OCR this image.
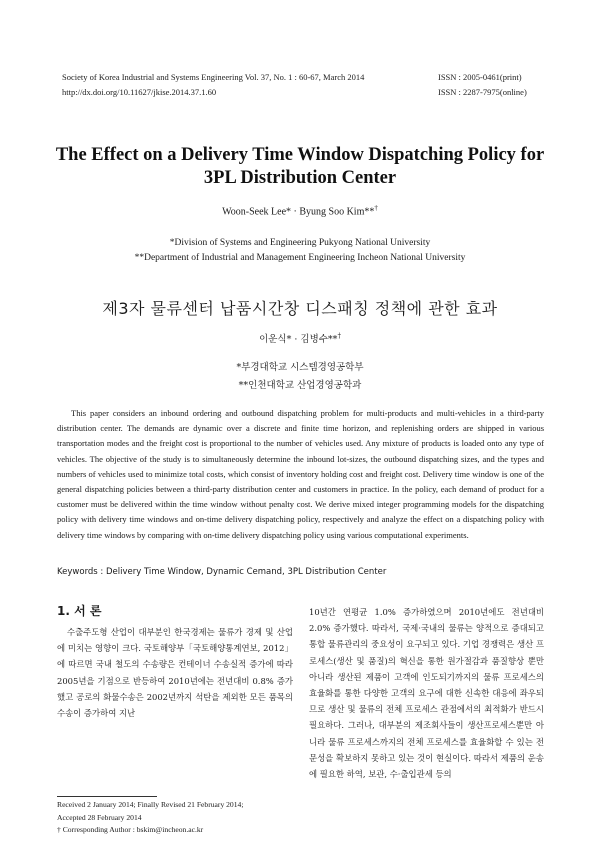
Society of Korea Industrial and Systems Engineering Vol. 37, No. 1 : 60-67, March 2014
http://dx.doi.org/10.11627/jkise.2014.37.1.60
ISSN : 2005-0461(print)
ISSN : 2287-7975(online)
The Effect on a Delivery Time Window Dispatching Policy for
3PL Distribution Center
Woon-Seek Lee* · Byung Soo Kim**†
*Division of Systems and Engineering Pukyong National University
**Department of Industrial and Management Engineering Incheon National University
제3자 물류센터 납품시간창 디스패칭 정책에 관한 효과
이운식* · 김병수**†
*부경대학교 시스템경영공학부
**인천대학교 산업경영공학과
This paper considers an inbound ordering and outbound dispatching problem for multi-products and multi-vehicles in a third-party distribution center. The demands are dynamic over a discrete and finite time horizon, and replenishing orders are shipped in various transportation modes and the freight cost is proportional to the number of vehicles used. Any mixture of products is loaded onto any type of vehicles. The objective of the study is to simultaneously determine the inbound lot-sizes, the outbound dispatching sizes, and the types and numbers of vehicles used to minimize total costs, which consist of inventory holding cost and freight cost. Delivery time window is one of the general dispatching policies between a third-party distribution center and customers in practice. In the policy, each demand of product for a customer must be delivered within the time window without penalty cost. We derive mixed integer programming models for the dispatching policy with delivery time windows and on-time delivery dispatching policy, respectively and analyze the effect on a dispatching policy with delivery time windows by comparing with on-time delivery dispatching policy using various computational experiments.
Keywords : Delivery Time Window, Dynamic Cemand, 3PL Distribution Center
1. 서 론

수출주도형 산업이 대부분인 한국경제는 물류가 경제 및 산업에 미치는 영향이 크다. 국토해양부「국토해양통계연보, 2012」에 따르면 국내 철도의 수송량은 컨테이너 수송실적 증가에 따라 2005년을 기점으로 반등하여 2010년에는 전년대비 0.8% 증가했고 공로의 화물수송은 2002년까지 석탄을 제외한 모든 품목의 수송이 증가하여 지난

10년간 연평균 1.0% 증가하였으며 2010년에도 전년대비 2.0% 증가했다. 따라서, 국제·국내의 물류는 양적으로 증대되고 통합 물류관리의 중요성이 요구되고 있다. 기업 경쟁력은 생산 프로세스(생산 및 품질)의 혁신을 통한 원가절감과 품질향상 뿐만 아니라 생산된 제품이 고객에 인도되기까지의 물류 프로세스의 효율화를 통한 다양한 고객의 요구에 대한 신속한 대응에 좌우되므로 생산 및 물류의 전체 프로세스 관점에서의 최적화가 반드시 필요하다. 그러나, 대부분의 제조회사들이 생산프로세스뿐만 아니라 물류 프로세스까지의 전체 프로세스를 효율화할 수 있는 전문성을 확보하지 못하고 있는 것이 현실이다. 따라서 제품의 운송에 필요한 하역, 보관, 수·출입관세 등의

Received 2 January 2014; Finally Revised 21 February 2014;
Accepted 28 February 2014
† Corresponding Author : bskim@incheon.ac.kr
